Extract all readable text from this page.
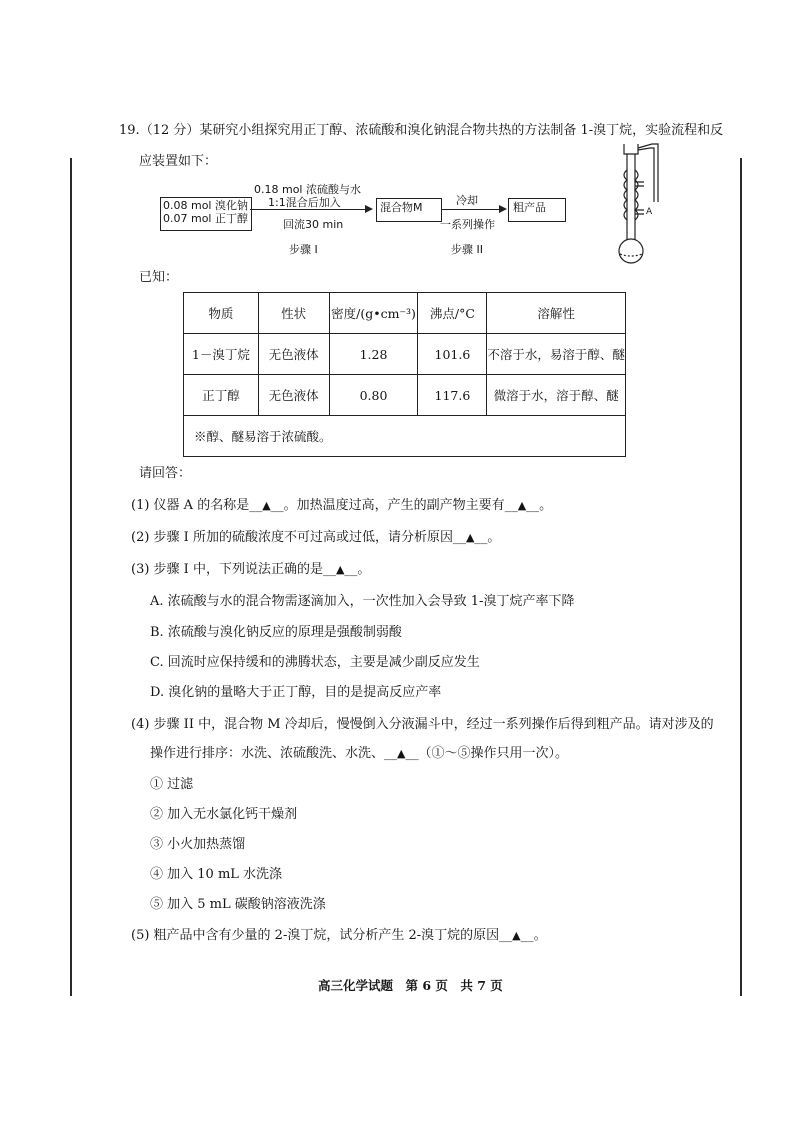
19.（12 分）某研究小组探究用正丁醇、浓硫酸和溴化钠混合物共热的方法制备 1-溴丁烷，实验流程和反
应装置如下：
0.08 mol 溴化钠
0.07 mol 正丁醇
0.18 mol 浓硫酸与水
1:1混合后加入
回流30 min
步骤 I
混合物M
冷却
一系列操作
步骤 II
粗产品	A
已知：
物质	性状	密度/(g•cm⁻³)	沸点/°C	溶解性
1－溴丁烷	无色液体	1.28	101.6	不溶于水，易溶于醇、醚
正丁醇	无色液体	0.80	117.6	微溶于水，溶于醇、醚
※醇、醚易溶于浓硫酸。				
请回答：
(1) 仪器 A 的名称是__▲__。加热温度过高，产生的副产物主要有__▲__。
(2) 步骤 I 所加的硫酸浓度不可过高或过低，请分析原因__▲__。
(3) 步骤 I 中，下列说法正确的是__▲__。
A. 浓硫酸与水的混合物需逐滴加入，一次性加入会导致 1-溴丁烷产率下降
B. 浓硫酸与溴化钠反应的原理是强酸制弱酸
C. 回流时应保持缓和的沸腾状态，主要是减少副反应发生
D. 溴化钠的量略大于正丁醇，目的是提高反应产率
(4) 步骤 II 中，混合物 M 冷却后，慢慢倒入分液漏斗中，经过一系列操作后得到粗产品。请对涉及的
操作进行排序：水洗、浓硫酸洗、水洗、__▲__（①～⑤操作只用一次）。
① 过滤
② 加入无水氯化钙干燥剂
③ 小火加热蒸馏
④ 加入 10 mL 水洗涤
⑤ 加入 5 mL 碳酸钠溶液洗涤
(5) 粗产品中含有少量的 2-溴丁烷，试分析产生 2-溴丁烷的原因__▲__。
高三化学试题　第 6 页　共 7 页
